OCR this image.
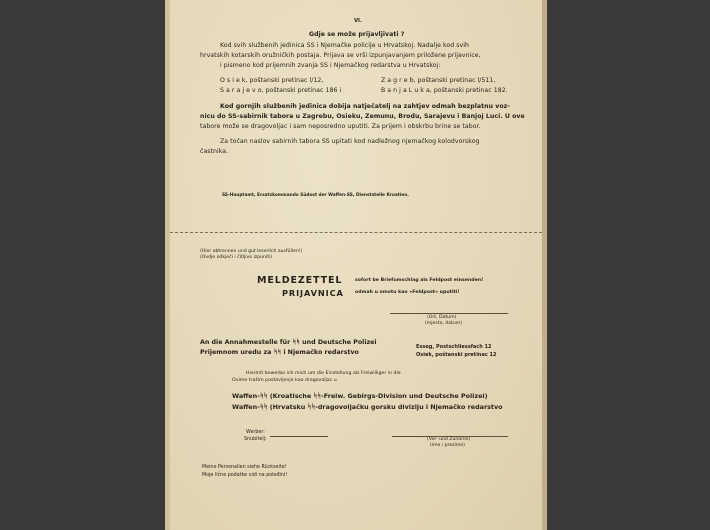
VI.
Gdje se može prijavljivati ?
Kod svih službenih jedinica SS i Njemačke policije u Hrvatskoj. Nadalje kod svih
hrvatskih kotarskih oružničkih postaja. Prijava se vrši izpunjavanjem priložene prijavnice,
i pismeno kod prijemnih zvanja SS i Njemačkog redarstva u Hrvatskoj:
O s i e k, poštanski pretinac l/12,
S a r a j e v o, poštanski pretinac 186 i
Z a g r e b, poštanski pretinac l/511,
B a n j a L u k a, poštanski pretinac 182.
Kod gornjih službenih jedinica dobija natječatelj na zahtjev odmah bezplatnu voz-
nicu do SS-sabirnik tabora u Zagrebu, Osieku, Zemunu, Brodu, Sarajevu i Banjoj Luci. U ove
tabore može se dragovoljac i sam neposredno uputiti. Za prijem i obskrbu brine se tabor.
Za točan naslov sabirnih tabora SS upitati kod nadležnog njemačkog kolodvorskog
častnika.
SS-Hauptamt, Ersatzkommando Südost der Waffen-SS, Dienststelle Kroatien.
(Hier abtrennen und gut leserlich ausfüllen!)
(Ovdje odkjeći i čitljivo izpuniti)
MELDEZETTEL	sofort be Briefumschlag als Feldpost einsenden!
PRIJAVNICA odmah u omotu kao »Feldpost« uputiti!
(Ort, Datum)
(mjesto, datum)
An die Annahmestelle für ᛋᛋ und Deutsche Polizei
Prijemnom uredu za ᛋᛋ i Njemačko redarstvo
Esseg, Postschliessfach 12
Osiek, poštanski pretinac 12
Hiermit bewerbe ich mich um die Einstellung als Freiwilliger in die
Ovime tražim postavljenje kao dragovoljac u
Waffen-ᛋᛋ (Kroatische ᛋᛋ-Freiw. Gebirgs-Division und Deutsche Polizei)
Waffen-ᛋᛋ (Hrvatsku ᛋᛋ-dragovoljačku gorsku diviziju i Njemačko redarstvo
Werber:
Snubitelj:	(Vor- und Zuname)
(ime i prezime)
Meine Personalien siehe Rückseite!
Moje lične podatke vidi na poleđini!
